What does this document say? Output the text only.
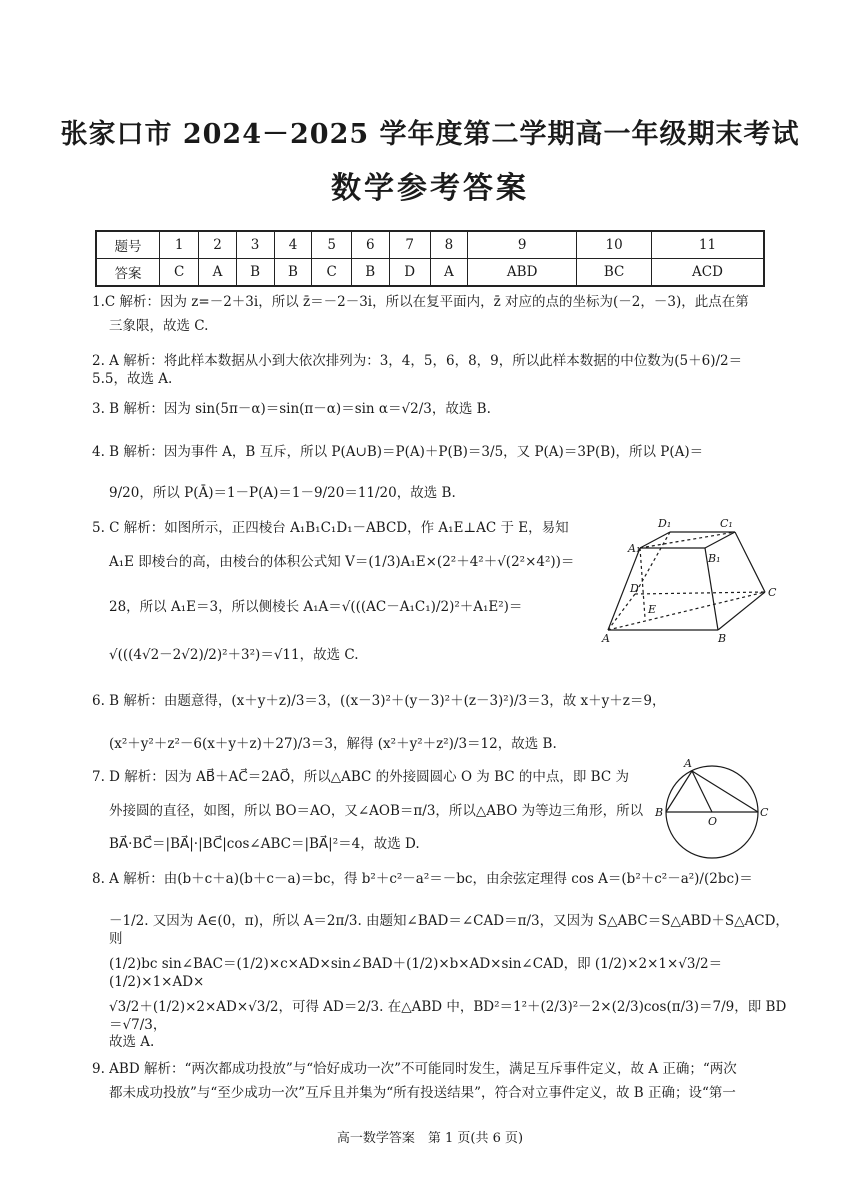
张家口市 2024－2025 学年度第二学期高一年级期末考试
数学参考答案
题号	1	2	3	4	5	6	7	8	9	10	11
答案	C	A	B	B	C	B	D	A	ABD	BC	ACD
1.C 解析：因为 z=－2＋3i，所以 z̄＝－2－3i，所以在复平面内，z̄ 对应的点的坐标为(－2，－3)，此点在第
三象限，故选 C.
2. A 解析：将此样本数据从小到大依次排列为：3，4，5，6，8，9，所以此样本数据的中位数为(5＋6)/2＝5.5，故选 A.
3. B 解析：因为 sin(5π－α)＝sin(π－α)＝sin α＝√2/3，故选 B.
4. B 解析：因为事件 A，B 互斥，所以 P(A∪B)＝P(A)＋P(B)＝3/5，又 P(A)＝3P(B)，所以 P(A)＝
9/20，所以 P(Ā)＝1－P(A)＝1－9/20＝11/20，故选 B.
5. C 解析：如图所示，正四棱台 A₁B₁C₁D₁－ABCD，作 A₁E⊥AC 于 E，易知
A₁E 即棱台的高，由棱台的体积公式知 V＝(1/3)A₁E×(2²＋4²＋√(2²×4²))＝
28，所以 A₁E＝3，所以侧棱长 A₁A＝√(((AC－A₁C₁)/2)²＋A₁E²)＝
√(((4√2－2√2)/2)²＋3²)＝√11，故选 C.
D₁	C₁
A₁
B₁
D	C
E
A	B
6. B 解析：由题意得，(x＋y＋z)/3＝3，((x－3)²＋(y－3)²＋(z－3)²)/3＝3，故 x＋y＋z＝9，
(x²＋y²＋z²－6(x＋y＋z)＋27)/3＝3，解得 (x²＋y²＋z²)/3＝12，故选 B.
7. D 解析：因为 AB⃗＋AC⃗＝2AO⃗，所以△ABC 的外接圆圆心 O 为 BC 的中点，即 BC 为
外接圆的直径，如图，所以 BO＝AO，又∠AOB＝π/3，所以△ABO 为等边三角形，所以
BA⃗·BC⃗＝|BA⃗|·|BC⃗|cos∠ABC＝|BA⃗|²＝4，故选 D.
A
B
O
C
8. A 解析：由(b＋c＋a)(b＋c－a)＝bc，得 b²＋c²－a²＝－bc，由余弦定理得 cos A＝(b²＋c²－a²)/(2bc)＝
－1/2. 又因为 A∈(0，π)，所以 A＝2π/3. 由题知∠BAD＝∠CAD＝π/3，又因为 S△ABC＝S△ABD＋S△ACD，则
(1/2)bc sin∠BAC＝(1/2)×c×AD×sin∠BAD＋(1/2)×b×AD×sin∠CAD，即 (1/2)×2×1×√3/2＝(1/2)×1×AD×
√3/2＋(1/2)×2×AD×√3/2，可得 AD＝2/3. 在△ABD 中，BD²＝1²＋(2/3)²－2×(2/3)cos(π/3)＝7/9，即 BD＝√7/3，
故选 A.
9. ABD 解析：“两次都成功投放”与“恰好成功一次”不可能同时发生，满足互斥事件定义，故 A 正确；“两次
都未成功投放”与“至少成功一次”互斥且并集为“所有投送结果”，符合对立事件定义，故 B 正确；设“第一
高一数学答案　第 1 页(共 6 页)
